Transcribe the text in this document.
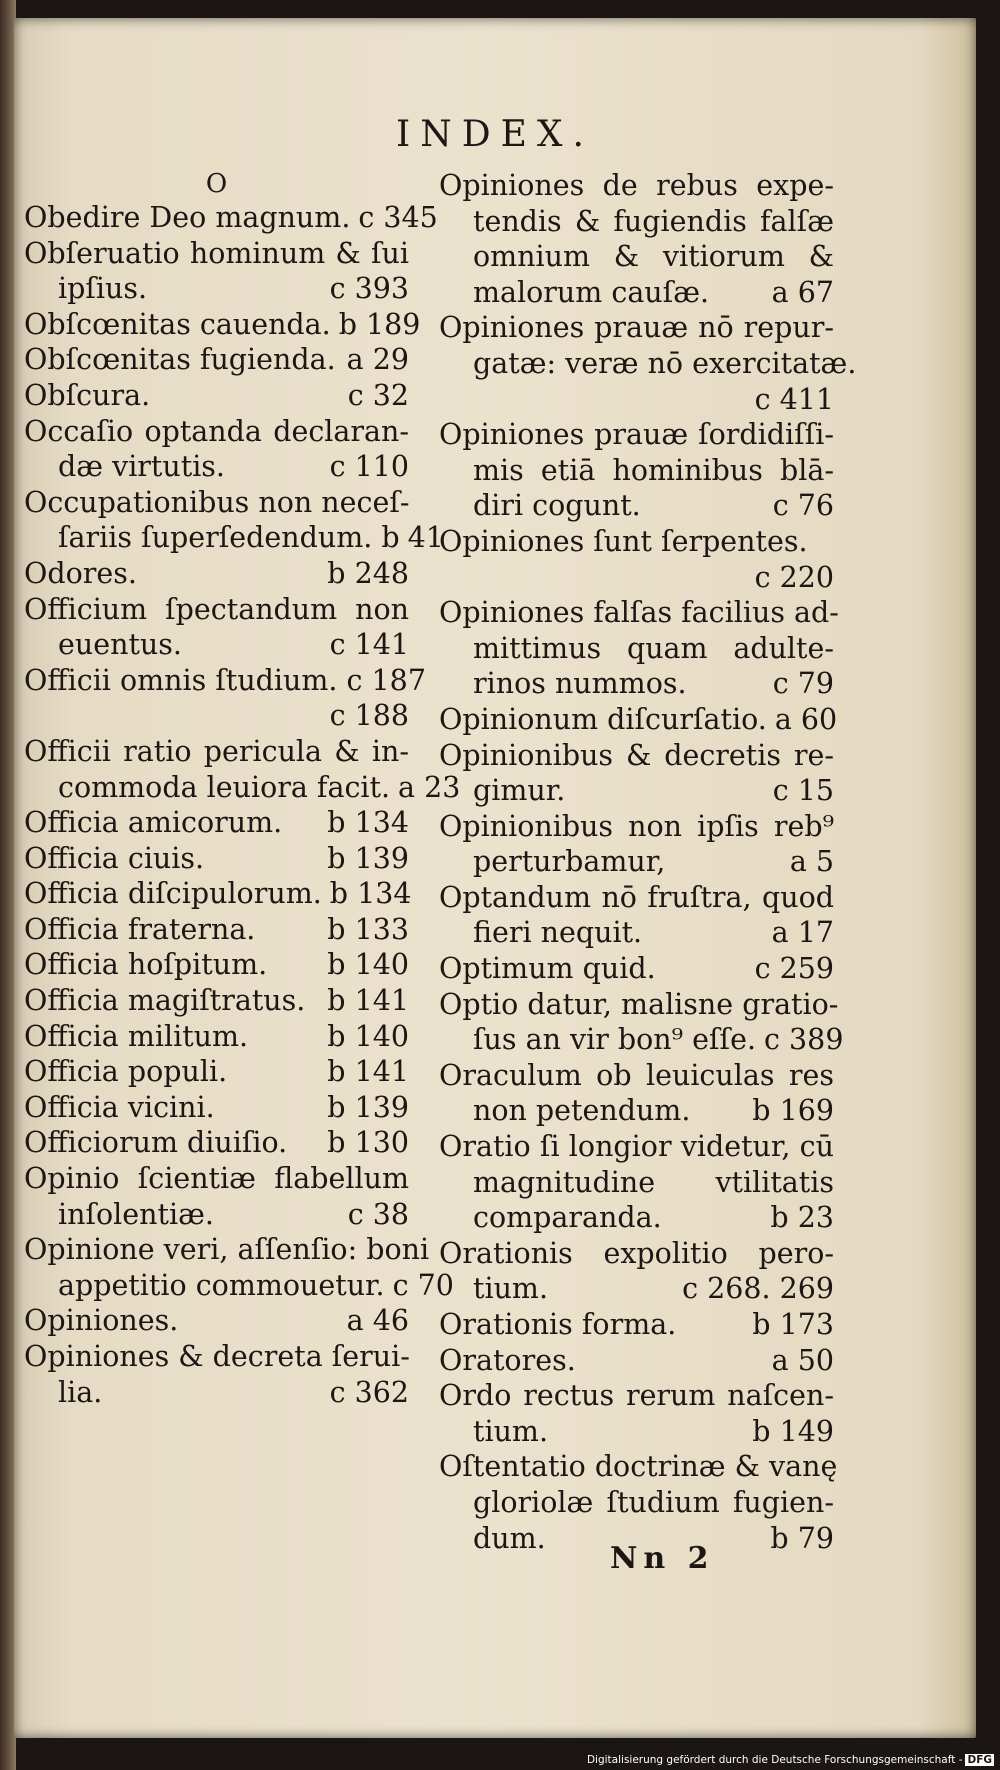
INDEX.
O
Obedire Deo magnum. c 345
Obſeruatio hominum & ſui
ipſius.	c 393
Obſcœnitas cauenda. b 189
Obſcœnitas fugienda. a 29
Obſcura.	c 32
Occaſio optanda declaran-
dæ virtutis.	c 110
Occupationibus non neceſ-
ſariis ſuperſedendum. b 41
Odores.	b 248
Officium ſpectandum non
euentus.	c 141
Officii omnis ſtudium. c 187
c 188
Officii ratio pericula & in-
commoda leuiora facit. a 23
Officia amicorum.	b 134
Officia ciuis.	b 139
Officia diſcipulorum. b 134
Officia fraterna.	b 133
Officia hoſpitum.	b 140
Officia magiſtratus. b 141
Officia militum.	b 140
Officia populi.	b 141
Officia vicini.	b 139
Officiorum diuiſio.	b 130
Opinio ſcientiæ flabellum
inſolentiæ.	c 38
Opinione veri, aſſenſio: boni
appetitio commouetur. c 70
Opiniones.	a 46
Opiniones & decreta ſerui-
lia.	c 362
Opiniones de rebus expe-
tendis & fugiendis falſæ
omnium & vitiorum &
malorum cauſæ.	a 67
Opiniones prauæ nō repur-
gatæ: veræ nō exercitatæ.
c 411
Opiniones prauæ ſordidiſſi-
mis etiā hominibus blā-
diri cogunt.	c 76
Opiniones ſunt ſerpentes.
c 220
Opiniones falſas facilius ad-
mittimus quam adulte-
rinos nummos.	c 79
Opinionum diſcurſatio. a 60
Opinionibus & decretis re-
gimur.	c 15
Opinionibus non ipſis reb⁹
perturbamur,	a 5
Optandum nō fruſtra, quod
fieri nequit.	a 17
Optimum quid.	c 259
Optio datur, malisne gratio-
ſus an vir bon⁹ eſſe. c 389
Oraculum ob leuiculas res
non petendum.	b 169
Oratio ſi longior videtur, cū
magnitudine vtilitatis
comparanda.	b 23
Orationis expolitio pero-
tium.	c 268. 269
Orationis forma.	b 173
Oratores.	a 50
Ordo rectus rerum naſcen-
tium.	b 149
Oſtentatio doctrinæ & vanę
gloriolæ ſtudium fugien-
dum.	b 79
Nn 2
Digitalisierung gefördert durch die Deutsche Forschungsgemeinschaft - DFG
